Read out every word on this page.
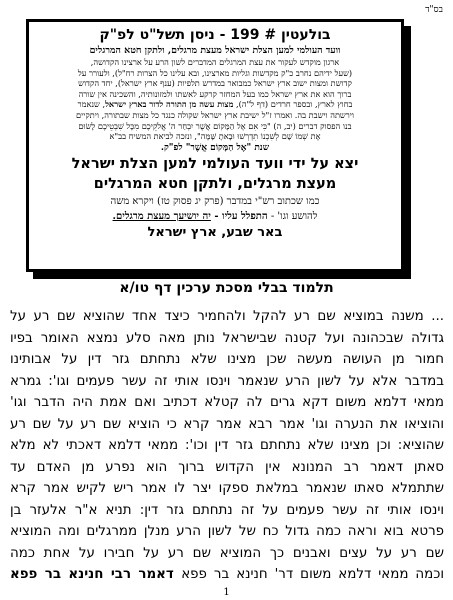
בס"ד
בולעטין # 199 - ניסן תשל"ט לפ"ק
וועד העולמי למען הצלת ישראל מעצת מרגלים, ולתקן חטא המרגלים
ארגון מוקדש לעקור את עצת המרגלים המדברים לשון הרע על ארצינו הקדושה,
(שעל ידיהם נחרב כ"ק מקדשות וגליות מארצינו, ובא עלינו כל הצרות רח"ל), ולעורר על
קדושת ומצות ישוב ארץ ישראל כמבואר במדרש תלפיות (ענף ארץ ישראל), יחד הקדוש
ברוך הוא את ארץ ישראל כמו בעל המחזר קרקע לאשתו ולמזונותיה, והשכינה אין שורה
בחוץ לארץ, ובספר חרדים (דף ל"ה), מצות עשה מן התורה לדור בארץ ישראל, שנאמר
וירשתה וישבת בה. ואמרו ז"ל ישיבת ארץ ישראל שקולה כנגד כל מצות שבתורה, ויתקיים
בנו הפסוק דברים (יב, ה) "כִּי אִם אֶל הַמָּקוֹם אֲשֶׁר יִבְחַר ה' אֱלֹקֵיכֶם מִכָּל שִׁבְטֵיכֶם לָשׂוּם
אֶת שְׁמוֹ שָׁם לְשִׁכְנוֹ תִדְרְשׁוּ וּבָאתָ שָּׁמָּה", ונזכה לביאת המשיח בב"א
שנת "אֶל הַמָּקוֹם אֲשֶׁר" לפ"ק.
יצא על ידי וועד העולמי למען הצלת ישראל
מעצת מרגלים, ולתקן חטא המרגלים
כמו שכתוב רש"י במדבר (פרק יג פסוק טז) ויקרא משה
להושע וגו' - התפלל עליו - יה יושיעך מעצת מרגלים.
באר שבע, ארץ ישראל
תלמוד בבלי מסכת ערכין דף טו/א
... משנה במוציא שם רע להקל ולהחמיר כיצד אחד שהוציא שם רע על
גדולה שבכהונה ועל קטנה שבישראל נותן מאה סלע נמצא האומר בפיו
חמור מן העושה מעשה שכן מצינו שלא נתחתם גזר דין על אבותינו
במדבר אלא על לשון הרע שנאמר וינסו אותי זה עשר פעמים וגו': גמרא
ממאי דלמא משום דקא גרים לה קטלא דכתיב ואם אמת היה הדבר וגו'
והוציאו את הנערה וגו' אמר רבא אמר קרא כי הוציא שם רע על שם רע
שהוציא: וכן מצינו שלא נתחתם גזר דין וכו': ממאי דלמא דאכתי לא מלא
סאתן דאמר רב המנונא אין הקדוש ברוך הוא נפרע מן האדם עד
שתתמלא סאתו שנאמר במלאת ספקו יצר לו אמר ריש לקיש אמר קרא
וינסו אותי זה עשר פעמים על זה נתחתם גזר דין: תניא א"ר אלעזר בן
פרטא בוא וראה כמה גדול כח של לשון הרע מנלן ממרגלים ומה המוציא
שם רע על עצים ואבנים כך המוציא שם רע על חבירו על אחת כמה
וכמה ממאי דלמא משום דר' חנינא בר פפא דאמר רבי חנינא בר פפא
1
